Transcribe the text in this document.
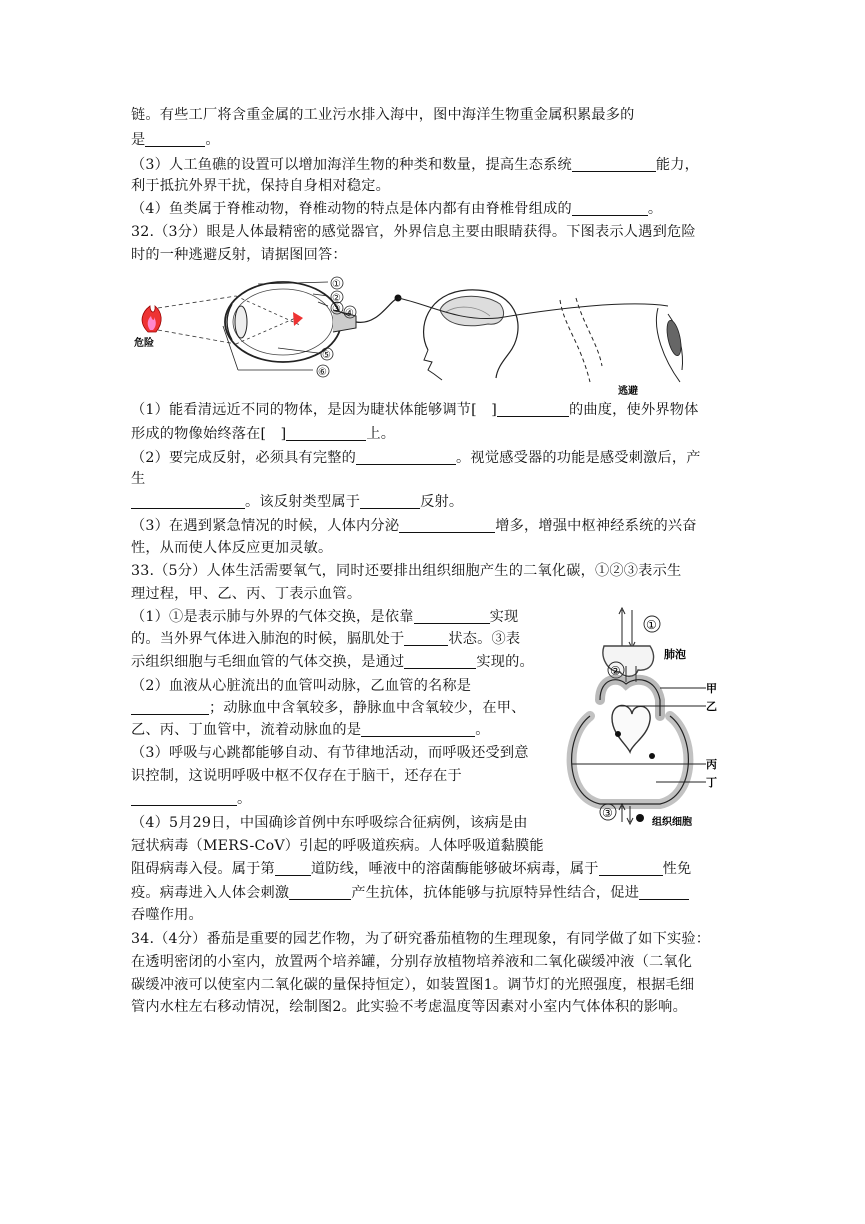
链。有些工厂将含重金属的工业污水排入海中，图中海洋生物重金属积累最多的
是	。
（3）人工鱼礁的设置可以增加海洋生物的种类和数量，提高生态系统	能力，
利于抵抗外界干扰，保持自身相对稳定。
（4）鱼类属于脊椎动物，脊椎动物的特点是体内都有由脊椎骨组成的	。
32.（3分）眼是人体最精密的感觉器官，外界信息主要由眼睛获得。下图表示人遇到危险
时的一种逃避反射，请据图回答：
危险
①
②
③ ④
⑤
⑥
逃避
（1）能看清远近不同的物体，是因为睫状体能够调节[　]	的曲度，使外界物体
形成的物像始终落在[　]	上。
（2）要完成反射，必须具有完整的	。视觉感受器的功能是感受刺激后，产
生
。该反射类型属于	反射。
（3）在遇到紧急情况的时候，人体内分泌	增多，增强中枢神经系统的兴奋
性，从而使人体反应更加灵敏。
33.（5分）人体生活需要氧气，同时还要排出组织细胞产生的二氧化碳，①②③表示生
理过程，甲、乙、丙、丁表示血管。
（1）①是表示肺与外界的气体交换，是依靠	实现
的。当外界气体进入肺泡的时候，膈肌处于	状态。③表
示组织细胞与毛细血管的气体交换，是通过	实现的。
（2）血液从心脏流出的血管叫动脉，乙血管的名称是
；动脉血中含氧较多，静脉血中含氧较少，在甲、
乙、丙、丁血管中，流着动脉血的是	。
（3）呼吸与心跳都能够自动、有节律地活动，而呼吸还受到意
识控制，这说明呼吸中枢不仅存在于脑干，还存在于
。
（4）5月29日，中国确诊首例中东呼吸综合征病例，该病是由
冠状病毒（MERS-CoV）引起的呼吸道疾病。人体呼吸道黏膜能
阻碍病毒入侵。属于第	道防线，唾液中的溶菌酶能够破坏病毒，属于	性免
疫。病毒进入人体会刺激	产生抗体，抗体能够与抗原特异性结合，促进
吞噬作用。
①
肺泡
②
甲
乙
丙
丁
③
组织细胞
34.（4分）番茄是重要的园艺作物，为了研究番茄植物的生理现象，有同学做了如下实验：
在透明密闭的小室内，放置两个培养罐，分别存放植物培养液和二氧化碳缓冲液（二氧化
碳缓冲液可以使室内二氧化碳的量保持恒定），如装置图1。调节灯的光照强度，根据毛细
管内水柱左右移动情况，绘制图2。此实验不考虑温度等因素对小室内气体体积的影响。
